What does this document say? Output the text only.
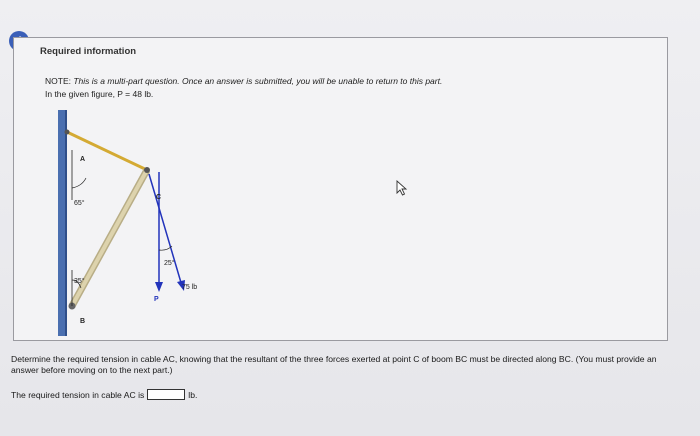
Required information
NOTE: This is a multi-part question. Once an answer is submitted, you will be unable to return to this part.
In the given figure, P = 48 lb.
A
65°
C
25°
35°
75 lb
P
B
Determine the required tension in cable AC, knowing that the resultant of the three forces exerted at point C of boom BC must be directed along BC. (You must provide an answer before moving on to the next part.)
The required tension in cable AC is	lb.
